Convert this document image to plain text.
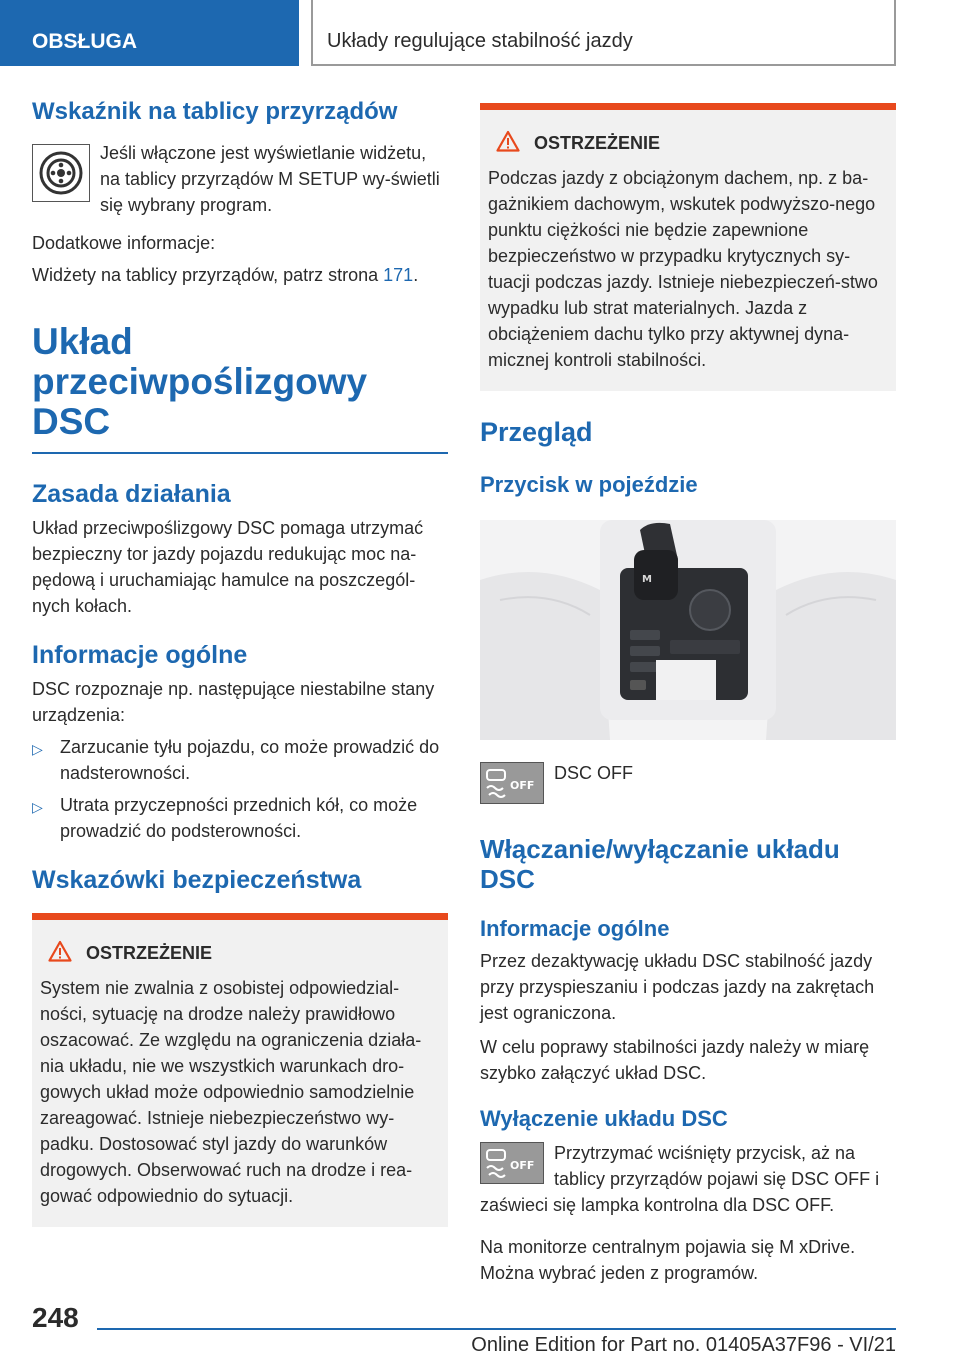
OBSŁUGA	Układy regulujące stabilność jazdy
Wskaźnik na tablicy przyrządów
Jeśli włączone jest wyświetlanie widżetu, na tablicy przyrządów M SETUP wy-świetli się wybrany program.
Dodatkowe informacje:
Widżety na tablicy przyrządów, patrz strona 171.
Układ przeciwpoślizgowy DSC
Zasada działania
Układ przeciwpoślizgowy DSC pomaga utrzymać bezpieczny tor jazdy pojazdu redukując moc na-pędową i uruchamiając hamulce na poszczegól-nych kołach.
Informacje ogólne
DSC rozpoznaje np. następujące niestabilne stany urządzenia:
▷ Zarzucanie tyłu pojazdu, co może prowadzić do nadsterowności.
▷ Utrata przyczepności przednich kół, co może prowadzić do podsterowności.
Wskazówki bezpieczeństwa
OSTRZEŻENIE
System nie zwalnia z osobistej odpowiedzial-ności, sytuację na drodze należy prawidłowo oszacować. Ze względu na ograniczenia działa-nia układu, nie we wszystkich warunkach dro-gowych układ może odpowiednio samodzielnie zareagować. Istnieje niebezpieczeństwo wy-padku. Dostosować styl jazdy do warunków drogowych. Obserwować ruch na drodze i rea-gować odpowiednio do sytuacji.
OSTRZEŻENIE
Podczas jazdy z obciążonym dachem, np. z ba-gażnikiem dachowym, wskutek podwyższo-nego punktu ciężkości nie będzie zapewnione bezpieczeństwo w przypadku krytycznych sy-tuacji podczas jazdy. Istnieje niebezpieczeń-stwo wypadku lub strat materialnych. Jazda z obciążeniem dachu tylko przy aktywnej dyna-micznej kontroli stabilności.
Przegląd
Przycisk w pojeździe
M
OFF
DSC OFF
Włączanie/wyłączanie układu DSC
Informacje ogólne
Przez dezaktywację układu DSC stabilność jazdy przy przyspieszaniu i podczas jazdy na zakrętach jest ograniczona.
W celu poprawy stabilności jazdy należy w miarę szybko załączyć układ DSC.
Wyłączenie układu DSC
OFF
Przytrzymać wciśnięty przycisk, aż na tablicy przyrządów pojawi się DSC OFF i zaświeci się lampka kontrolna dla DSC OFF.
Na monitorze centralnym pojawia się M xDrive. Można wybrać jeden z programów.
248
Online Edition for Part no. 01405A37F96 - VI/21
